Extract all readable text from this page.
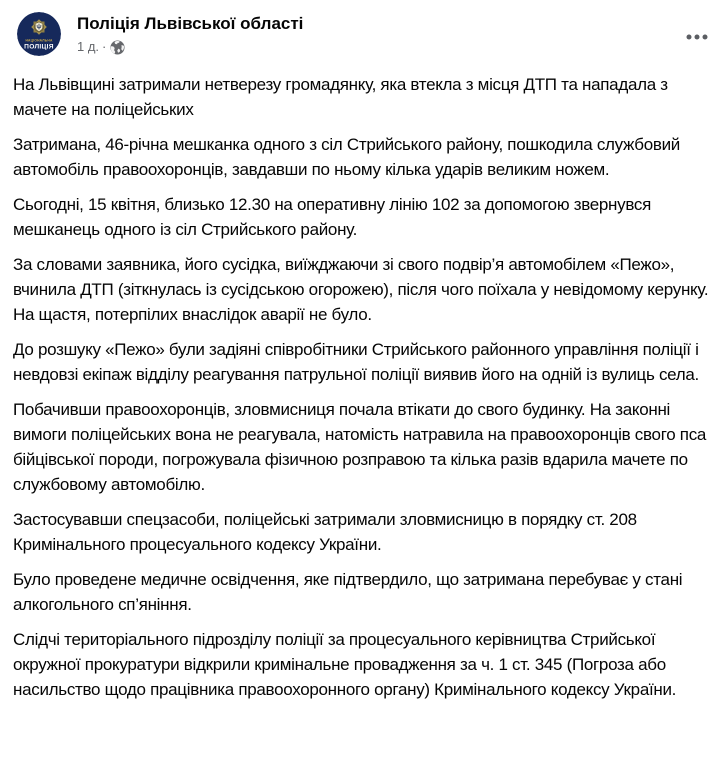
НАЦІОНАЛЬНА
ПОЛІЦІЯ
Поліція Львівської області
1 д. ·

На Львівщині затримали нетверезу громадянку, яка втекла з місця ДТП та нападала з мачете на поліцейських

Затримана, 46-річна мешканка одного з сіл Стрийського району, пошкодила службовий автомобіль правоохоронців, завдавши по ньому кілька ударів великим ножем.

Сьогодні, 15 квітня, близько 12.30 на оперативну лінію 102 за допомогою звернувся мешканець одного із сіл Стрийського району.

За словами заявника, його сусідка, виїжджаючи зі свого подвір’я автомобілем «Пежо», вчинила ДТП (зіткнулась із сусідською огорожею), після чого поїхала у невідомому керунку. На щастя, потерпілих внаслідок аварії не було.

До розшуку «Пежо» були задіяні співробітники Стрийського районного управління поліції і невдовзі екіпаж відділу реагування патрульної поліції виявив його на одній із вулиць села.

Побачивши правоохоронців, зловмисниця почала втікати до свого будинку. На законні вимоги поліцейських вона не реагувала, натомість натравила на правоохоронців свого пса бійцівської породи, погрожувала фізичною розправою та кілька разів вдарила мачете по службовому автомобілю.

Застосувавши спецзасоби, поліцейські затримали зловмисницю в порядку ст. 208 Кримінального процесуального кодексу України.

Було проведене медичне освідчення, яке підтвердило, що затримана перебуває у стані алкогольного сп’яніння.

Слідчі територіального підрозділу поліції за процесуального керівництва Стрийської окружної прокуратури відкрили кримінальне провадження за ч. 1 ст. 345 (Погроза або насильство щодо працівника правоохоронного органу) Кримінального кодексу України.
